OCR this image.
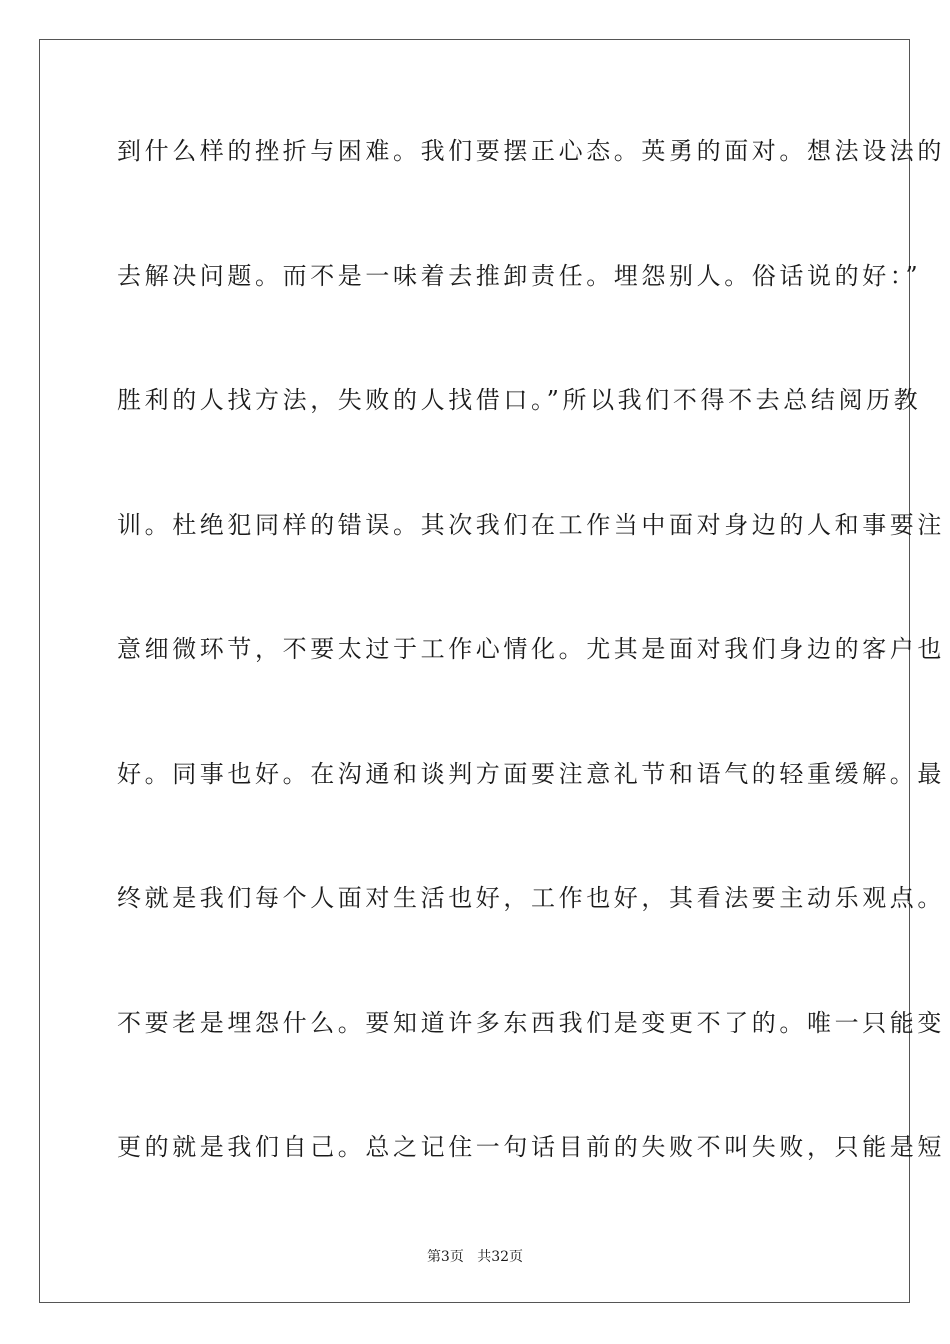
到什么样的挫折与困难。我们要摆正心态。英勇的面对。想法设法的
去解决问题。而不是一味着去推卸责任。埋怨别人。俗话说的好：”
胜利的人找方法，失败的人找借口。”所以我们不得不去总结阅历教
训。杜绝犯同样的错误。其次我们在工作当中面对身边的人和事要注
意细微环节，不要太过于工作心情化。尤其是面对我们身边的客户也
好。同事也好。在沟通和谈判方面要注意礼节和语气的轻重缓解。最
终就是我们每个人面对生活也好，工作也好，其看法要主动乐观点。
不要老是埋怨什么。要知道许多东西我们是变更不了的。唯一只能变
更的就是我们自己。总之记住一句话目前的失败不叫失败，只能是短
第3页 共32页
